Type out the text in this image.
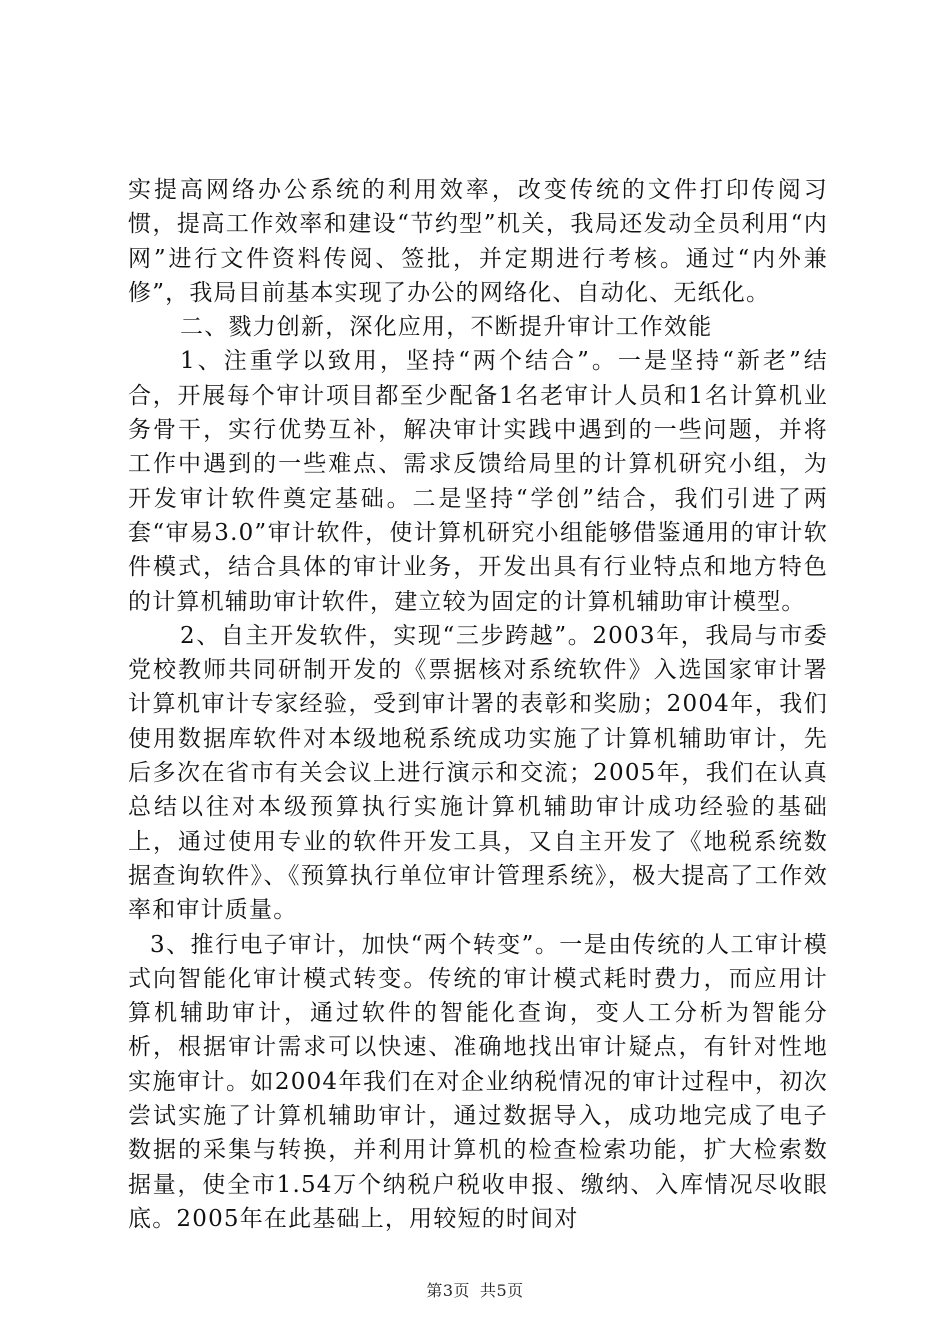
实提高网络办公系统的利用效率，改变传统的文件打印传阅习惯，提高工作效率和建设“节约型”机关，我局还发动全员利用“内网”进行文件资料传阅、签批，并定期进行考核。通过“内外兼修”，我局目前基本实现了办公的网络化、自动化、无纸化。

二、戮力创新，深化应用，不断提升审计工作效能

1、注重学以致用，坚持“两个结合”。一是坚持“新老”结合，开展每个审计项目都至少配备1名老审计人员和1名计算机业务骨干，实行优势互补，解决审计实践中遇到的一些问题，并将工作中遇到的一些难点、需求反馈给局里的计算机研究小组，为开发审计软件奠定基础。二是坚持“学创”结合，我们引进了两套“审易3.0”审计软件，使计算机研究小组能够借鉴通用的审计软件模式，结合具体的审计业务，开发出具有行业特点和地方特色的计算机辅助审计软件，建立较为固定的计算机辅助审计模型。

2、自主开发软件，实现“三步跨越”。2003年，我局与市委党校教师共同研制开发的《票据核对系统软件》入选国家审计署计算机审计专家经验，受到审计署的表彰和奖励；2004年，我们使用数据库软件对本级地税系统成功实施了计算机辅助审计，先后多次在省市有关会议上进行演示和交流；2005年，我们在认真总结以往对本级预算执行实施计算机辅助审计成功经验的基础上，通过使用专业的软件开发工具，又自主开发了《地税系统数据查询软件》、《预算执行单位审计管理系统》，极大提高了工作效率和审计质量。

3、推行电子审计，加快“两个转变”。一是由传统的人工审计模式向智能化审计模式转变。传统的审计模式耗时费力，而应用计算机辅助审计，通过软件的智能化查询，变人工分析为智能分析，根据审计需求可以快速、准确地找出审计疑点，有针对性地实施审计。如2004年我们在对企业纳税情况的审计过程中，初次尝试实施了计算机辅助审计，通过数据导入，成功地完成了电子数据的采集与转换，并利用计算机的检查检索功能，扩大检索数据量，使全市1.54万个纳税户税收申报、缴纳、入库情况尽收眼底。2005年在此基础上，用较短的时间对

第3页 共5页
